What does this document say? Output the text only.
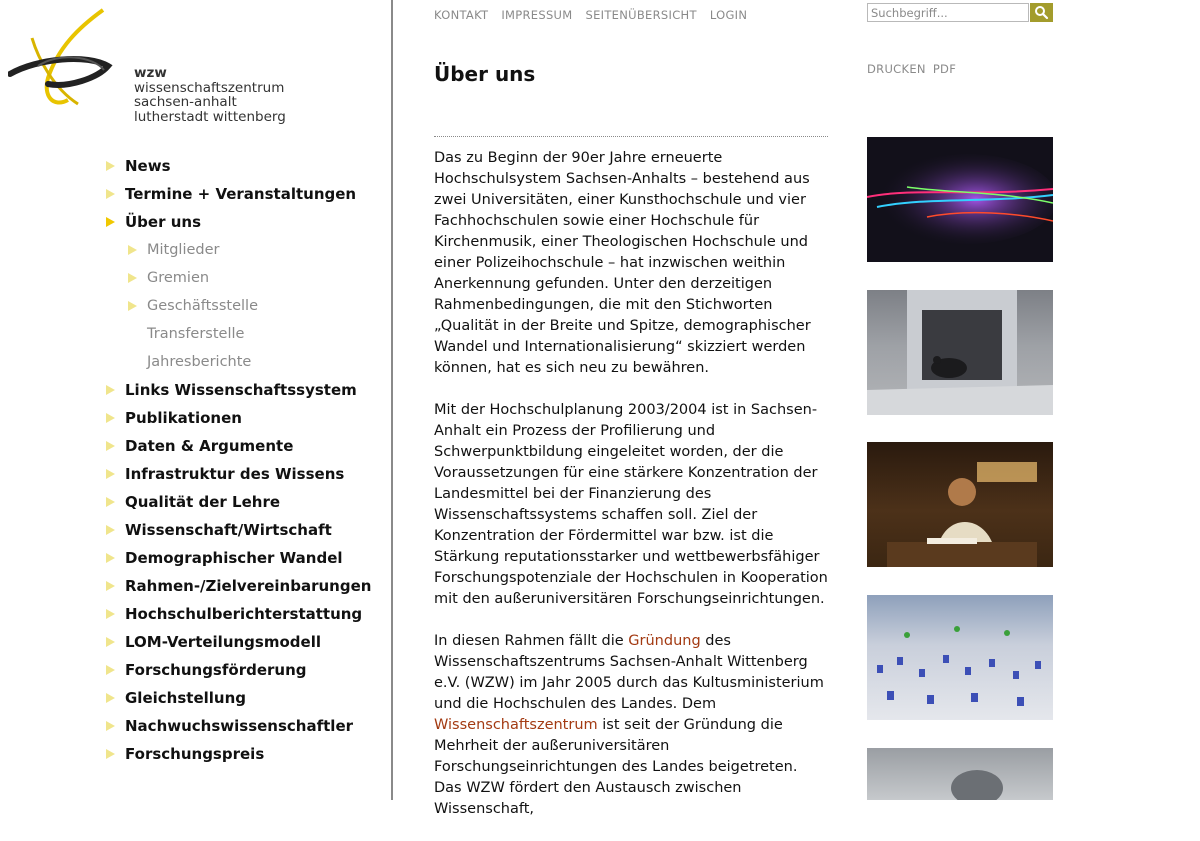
wzw wissenschaftszentrum
sachsen-anhalt
lutherstadt wittenberg
News
Termine + Veranstaltungen
Über uns
Mitglieder
Gremien
Geschäftsstelle
Transferstelle
Jahresberichte
Links Wissenschaftssystem
Publikationen
Daten & Argumente
Infrastruktur des Wissens
Qualität der Lehre
Wissenschaft/Wirtschaft
Demographischer Wandel
Rahmen-/Zielvereinbarungen
Hochschulberichterstattung
LOM-Verteilungsmodell
Forschungsförderung
Gleichstellung
Nachwuchswissenschaftler
Forschungspreis
KONTAKT IMPRESSUM SEITENÜBERSICHT LOGIN
Suchbegriff...
DRUCKEN PDF
Über uns

Das zu Beginn der 90er Jahre erneuerte Hochschulsystem Sachsen-Anhalts – bestehend aus zwei Universitäten, einer Kunsthochschule und vier Fachhochschulen sowie einer Hochschule für Kirchenmusik, einer Theologischen Hochschule und einer Polizeihochschule – hat inzwischen weithin Anerkennung gefunden. Unter den derzeitigen Rahmenbedingungen, die mit den Stichworten „Qualität in der Breite und Spitze, demographischer Wandel und Internationalisierung“ skizziert werden können, hat es sich neu zu bewähren.

Mit der Hochschulplanung 2003/2004 ist in Sachsen-Anhalt ein Prozess der Profilierung und Schwerpunktbildung eingeleitet worden, der die Voraussetzungen für eine stärkere Konzentration der Landesmittel bei der Finanzierung des Wissenschaftssystems schaffen soll. Ziel der Konzentration der Fördermittel war bzw. ist die Stärkung reputationsstarker und wettbewerbsfähiger Forschungspotenziale der Hochschulen in Kooperation mit den außeruniversitären Forschungseinrichtungen.

In diesen Rahmen fällt die Gründung des Wissenschaftszentrums Sachsen-Anhalt Wittenberg e.V. (WZW) im Jahr 2005 durch das Kultusministerium und die Hochschulen des Landes. Dem Wissenschaftszentrum ist seit der Gründung die Mehrheit der außeruniversitären Forschungseinrichtungen des Landes beigetreten. Das WZW fördert den Austausch zwischen Wissenschaft,
